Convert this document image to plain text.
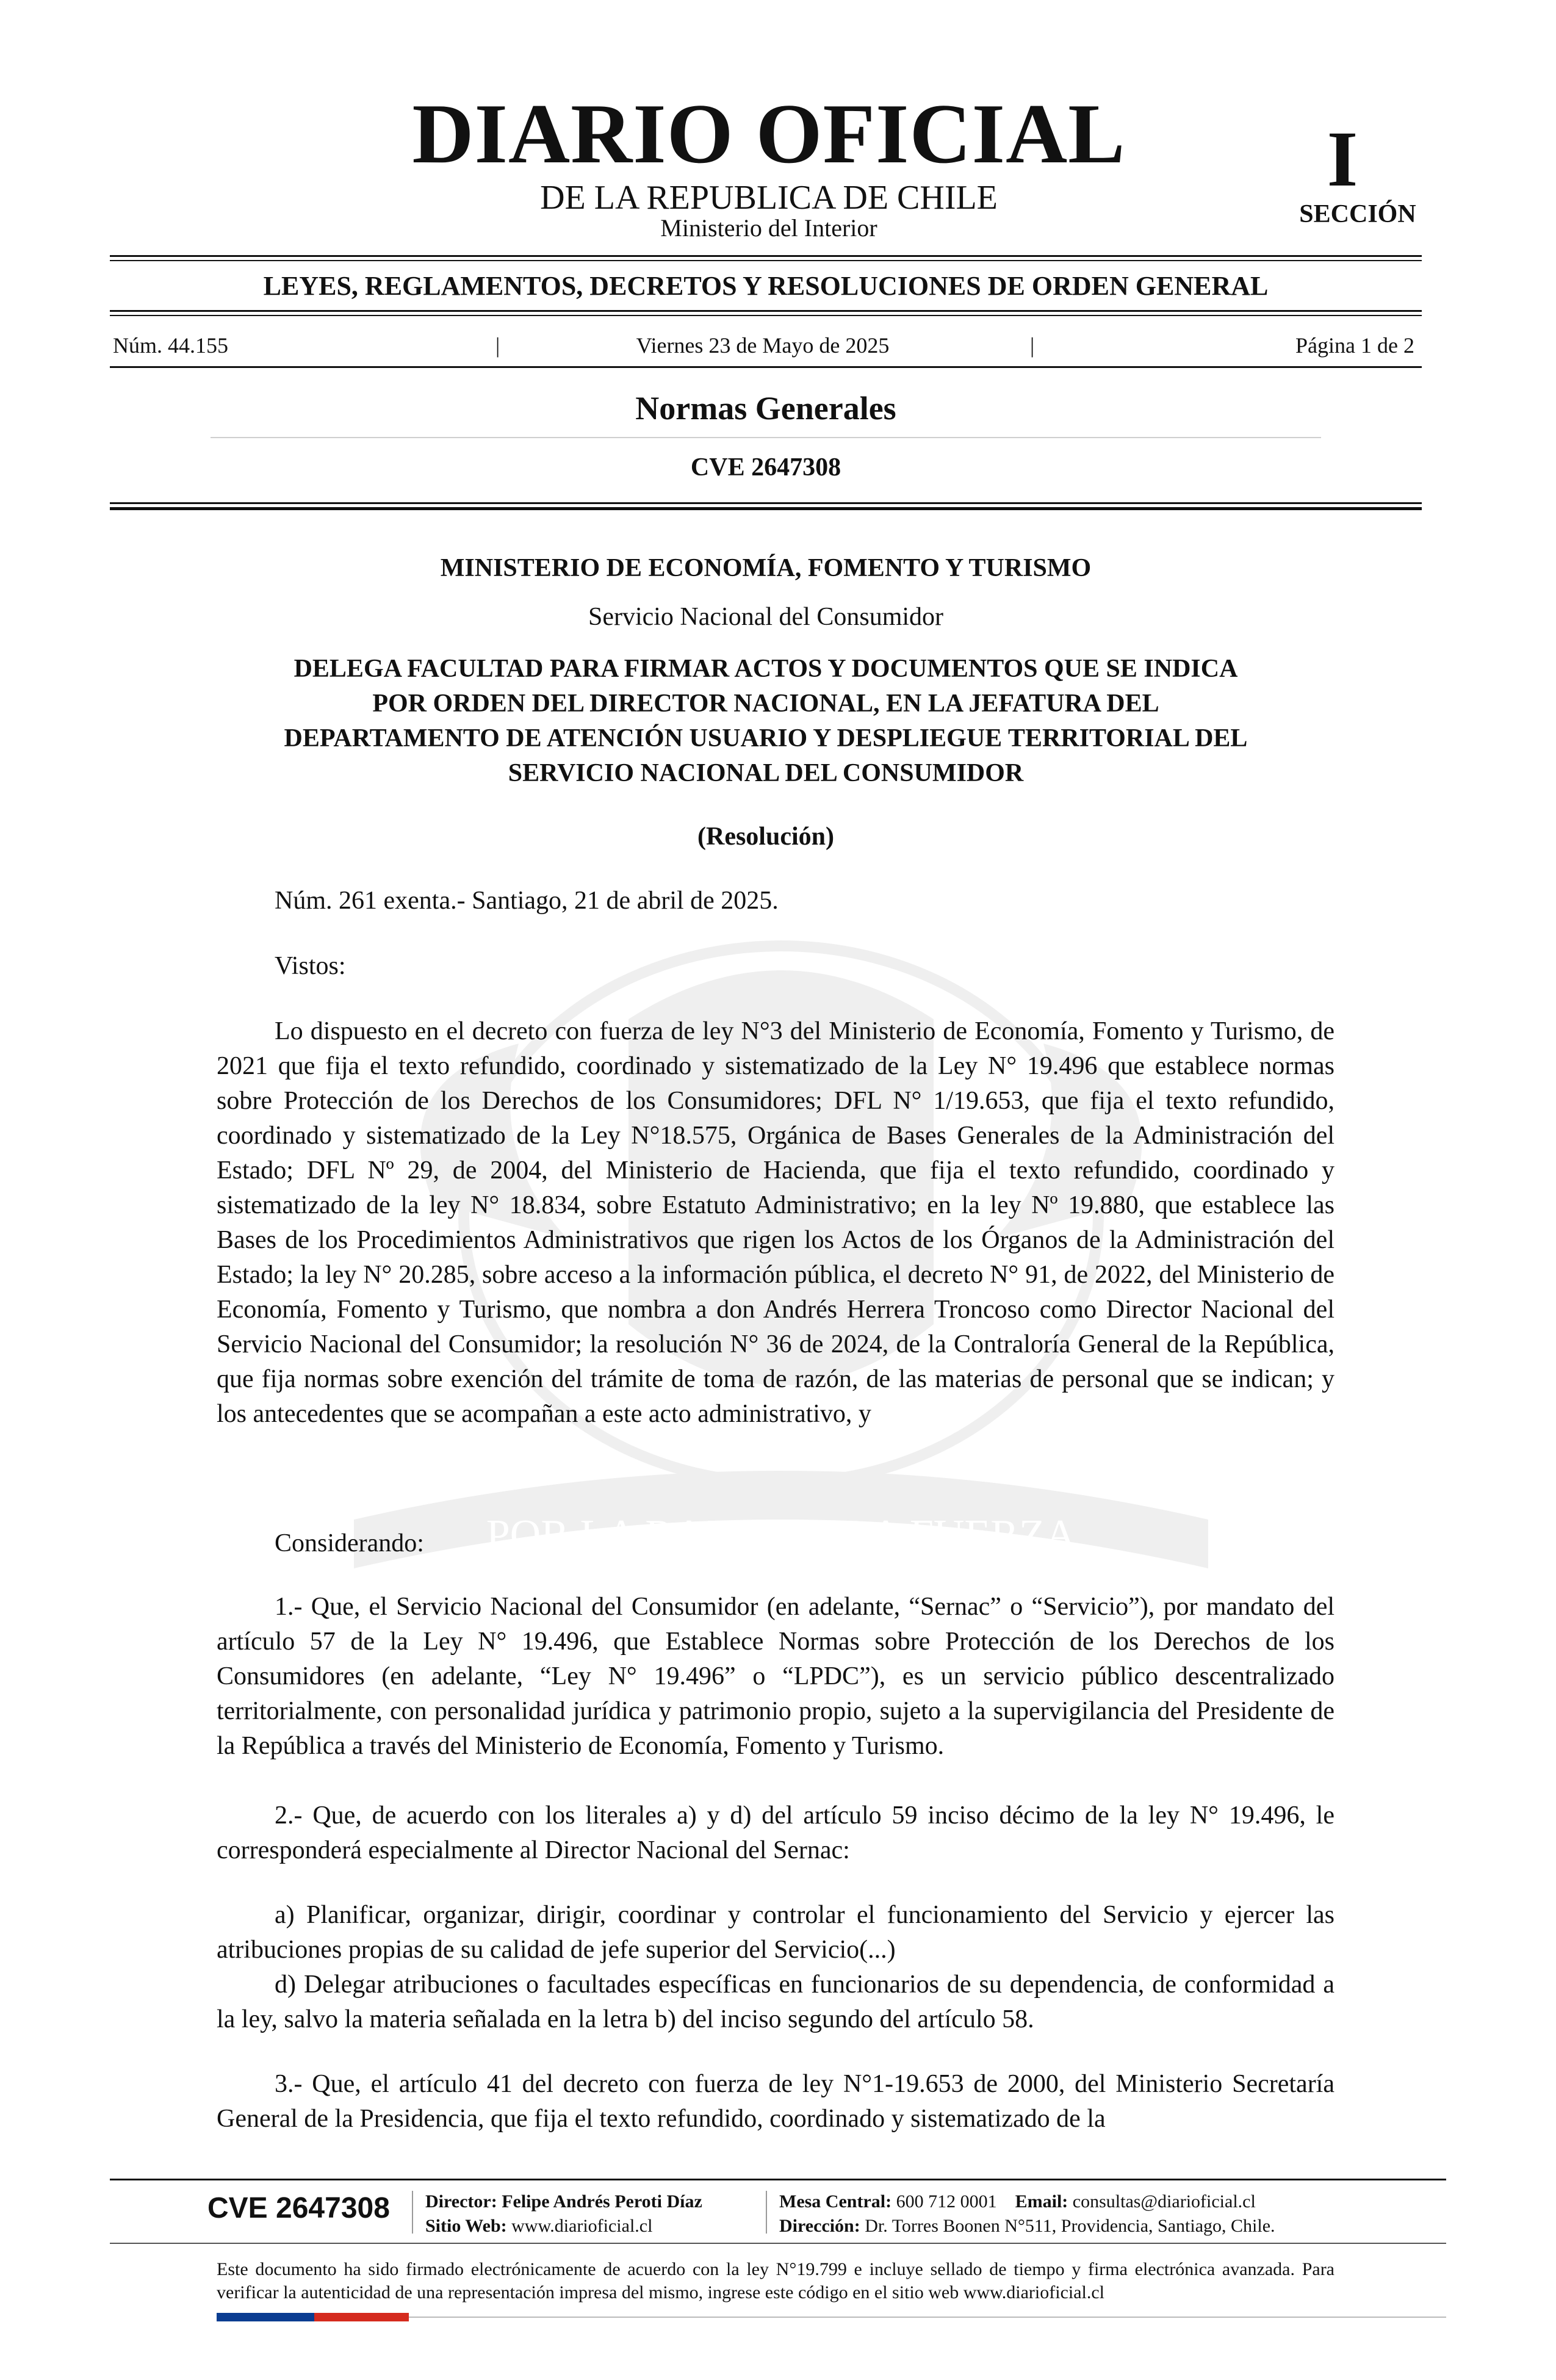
POR LA RAZON O LA FUERZA
DIARIO OFICIAL
DE LA REPUBLICA DE CHILE
Ministerio del Interior
I
SECCIÓN
LEYES, REGLAMENTOS, DECRETOS Y RESOLUCIONES DE ORDEN GENERAL
Núm. 44.155	|	Viernes 23 de Mayo de 2025	|	Página 1 de 2
Normas Generales
CVE 2647308
MINISTERIO DE ECONOMÍA, FOMENTO Y TURISMO
Servicio Nacional del Consumidor
DELEGA FACULTAD PARA FIRMAR ACTOS Y DOCUMENTOS QUE SE INDICA
POR ORDEN DEL DIRECTOR NACIONAL, EN LA JEFATURA DEL
DEPARTAMENTO DE ATENCIÓN USUARIO Y DESPLIEGUE TERRITORIAL DEL
SERVICIO NACIONAL DEL CONSUMIDOR
(Resolución)
Núm. 261 exenta.- Santiago, 21 de abril de 2025.
Vistos:

Lo dispuesto en el decreto con fuerza de ley N°3 del Ministerio de Economía, Fomento y Turismo, de 2021 que fija el texto refundido, coordinado y sistematizado de la Ley N° 19.496 que establece normas sobre Protección de los Derechos de los Consumidores; DFL N° 1/19.653, que fija el texto refundido, coordinado y sistematizado de la Ley N°18.575, Orgánica de Bases Generales de la Administración del Estado; DFL Nº 29, de 2004, del Ministerio de Hacienda, que fija el texto refundido, coordinado y sistematizado de la ley N° 18.834, sobre Estatuto Administrativo; en la ley Nº 19.880, que establece las Bases de los Procedimientos Administrativos que rigen los Actos de los Órganos de la Administración del Estado; la ley N° 20.285, sobre acceso a la información pública, el decreto N° 91, de 2022, del Ministerio de Economía, Fomento y Turismo, que nombra a don Andrés Herrera Troncoso como Director Nacional del Servicio Nacional del Consumidor; la resolución N° 36 de 2024, de la Contraloría General de la República, que fija normas sobre exención del trámite de toma de razón, de las materias de personal que se indican; y los antecedentes que se acompañan a este acto administrativo, y

Considerando:

1.- Que, el Servicio Nacional del Consumidor (en adelante, “Sernac” o “Servicio”), por mandato del artículo 57 de la Ley N° 19.496, que Establece Normas sobre Protección de los Derechos de los Consumidores (en adelante, “Ley N° 19.496” o “LPDC”), es un servicio público descentralizado territorialmente, con personalidad jurídica y patrimonio propio, sujeto a la supervigilancia del Presidente de la República a través del Ministerio de Economía, Fomento y Turismo.

2.- Que, de acuerdo con los literales a) y d) del artículo 59 inciso décimo de la ley N° 19.496, le corresponderá especialmente al Director Nacional del Sernac:

a) Planificar, organizar, dirigir, coordinar y controlar el funcionamiento del Servicio y ejercer las atribuciones propias de su calidad de jefe superior del Servicio(...)

d) Delegar atribuciones o facultades específicas en funcionarios de su dependencia, de conformidad a la ley, salvo la materia señalada en la letra b) del inciso segundo del artículo 58.

3.- Que, el artículo 41 del decreto con fuerza de ley N°1-19.653 de 2000, del Ministerio Secretaría General de la Presidencia, que fija el texto refundido, coordinado y sistematizado de la

CVE 2647308	Director: Felipe Andrés Peroti Díaz
Sitio Web: www.diarioficial.cl
Mesa Central: 600 712 0001 Email: consultas@diarioficial.cl
Dirección: Dr. Torres Boonen N°511, Providencia, Santiago, Chile.
Este documento ha sido firmado electrónicamente de acuerdo con la ley N°19.799 e incluye sellado de tiempo y firma electrónica avanzada. Para verificar la autenticidad de una representación impresa del mismo, ingrese este código en el sitio web www.diarioficial.cl
